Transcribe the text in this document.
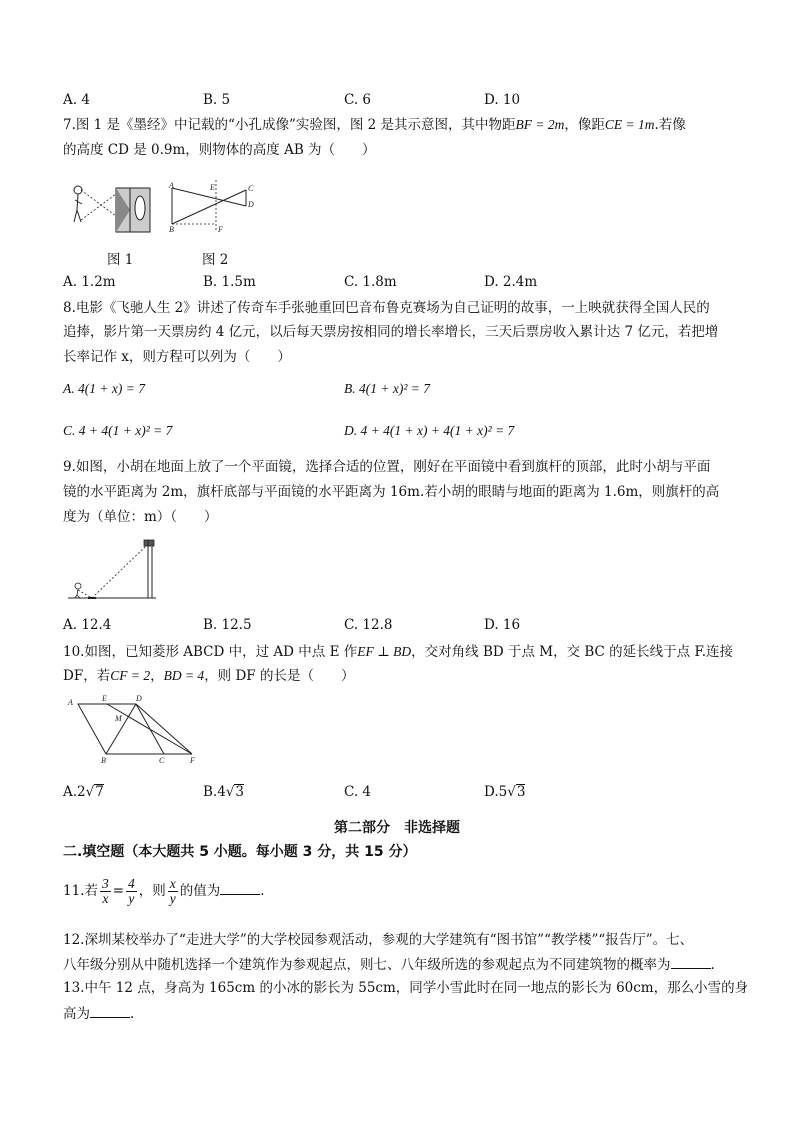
A. 4	B. 5	C. 6	D. 10
7.图 1 是《墨经》中记载的“小孔成像”实验图，图 2 是其示意图，其中物距BF = 2m，像距CE = 1m.若像
的高度 CD 是 0.9m，则物体的高度 AB 为（　　）
A	E	C
D
B	F
图 1	图 2
A. 1.2m	B. 1.5m	C. 1.8m	D. 2.4m
8.电影《飞驰人生 2》讲述了传奇车手张驰重回巴音布鲁克赛场为自己证明的故事，一上映就获得全国人民的
追捧，影片第一天票房约 4 亿元，以后每天票房按相同的增长率增长，三天后票房收入累计达 7 亿元，若把增
长率记作 x，则方程可以列为（　　）
A. 4(1 + x) = 7	B. 4(1 + x)² = 7
C. 4 + 4(1 + x)² = 7	D. 4 + 4(1 + x) + 4(1 + x)² = 7
9.如图，小胡在地面上放了一个平面镜，选择合适的位置，刚好在平面镜中看到旗杆的顶部，此时小胡与平面
镜的水平距离为 2m，旗杆底部与平面镜的水平距离为 16m.若小胡的眼睛与地面的距离为 1.6m，则旗杆的高
度为（单位：m）（　　）
A. 12.4	B. 12.5	C. 12.8	D. 16
10.如图，已知菱形 ABCD 中，过 AD 中点 E 作EF ⊥ BD，交对角线 BD 于点 M，交 BC 的延长线于点 F.连接
DF，若CF = 2，BD = 4，则 DF 的长是（　　）
A	E	D
M
B	C	F
A.2√7	B.4√3	C. 4	D.5√3
第二部分　非选择题
二.填空题（本大题共 5 小题。每小题 3 分，共 15 分）
11.若 $\frac{3}{x} = \frac{4}{y}$ ，则 $\frac{x}{y}$ 的值为	.
12.深圳某校举办了“走进大学”的大学校园参观活动，参观的大学建筑有“图书馆”“教学楼”“报告厅”。七、
八年级分别从中随机选择一个建筑作为参观起点，则七、八年级所选的参观起点为不同建筑物的概率为	.
13.中午 12 点，身高为 165cm 的小冰的影长为 55cm，同学小雪此时在同一地点的影长为 60cm，那么小雪的身
高为	.
